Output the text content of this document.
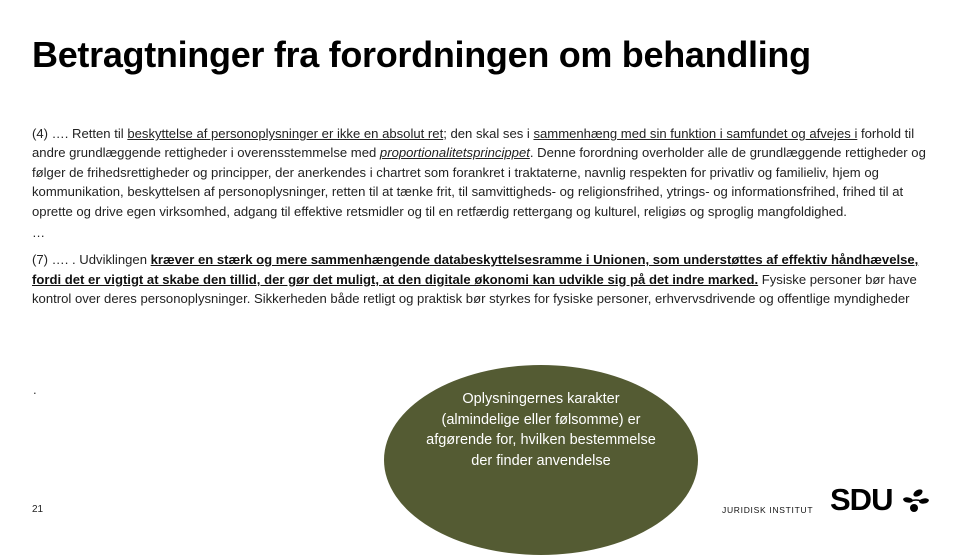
Betragtninger fra forordningen om behandling

(4) …. Retten til beskyttelse af personoplysninger er ikke en absolut ret; den skal ses i sammenhæng med sin funktion i samfundet og afvejes i forhold til andre grundlæggende rettigheder i overensstemmelse med proportionalitetsprincippet. Denne forordning overholder alle de grundlæggende rettigheder og følger de frihedsrettigheder og principper, der anerkendes i chartret som forankret i traktaterne, navnlig respekten for privatliv og familieliv, hjem og kommunikation, beskyttelsen af personoplysninger, retten til at tænke frit, til samvittigheds- og religionsfrihed, ytrings- og informationsfrihed, frihed til at oprette og drive egen virksomhed, adgang til effektive retsmidler og til en retfærdig rettergang og kulturel, religiøs og sproglig mangfoldighed.

…

(7) …. . Udviklingen kræver en stærk og mere sammenhængende databeskyttelsesramme i Unionen, som understøttes af effektiv håndhævelse, fordi det er vigtigt at skabe den tillid, der gør det muligt, at den digitale økonomi kan udvikle sig på det indre marked. Fysiske personer bør have kontrol over deres personoplysninger. Sikkerheden både retligt og praktisk bør styrkes for fysiske personer, erhvervsdrivende og offentlige myndigheder

.
Oplysningernes karakter (almindelige eller følsomme) er afgørende for, hvilken bestemmelse der finder anvendelse
21	JURIDISK INSTITUT SDU
